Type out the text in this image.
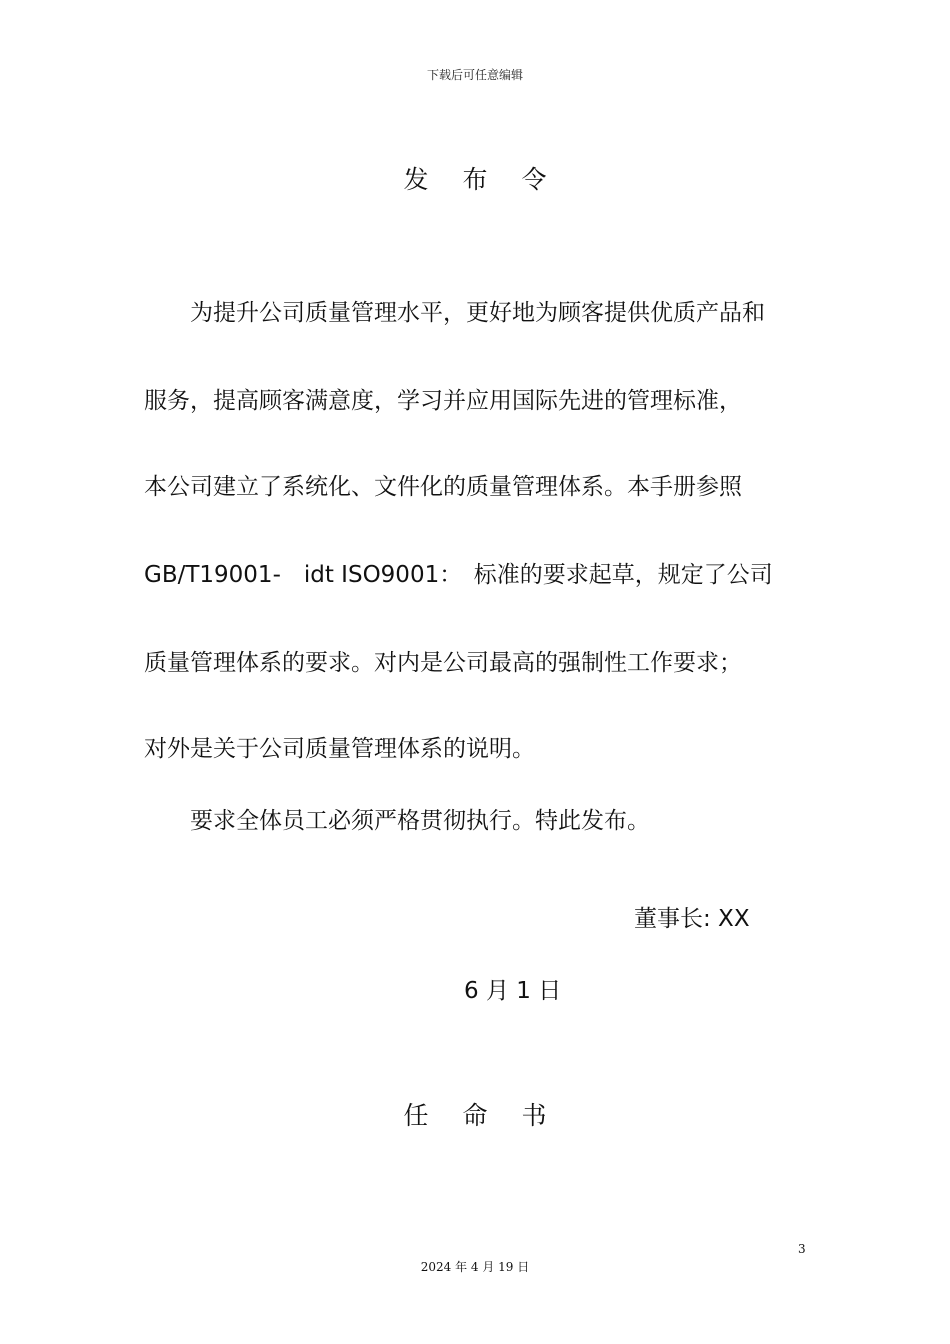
下载后可任意编辑
发布令
为提升公司质量管理水平，更好地为顾客提供优质产品和
服务，提高顾客满意度，学习并应用国际先进的管理标准，
本公司建立了系统化、文件化的质量管理体系。本手册参照
GB/T19001-　idt ISO9001：　标准的要求起草，规定了公司
质量管理体系的要求。对内是公司最高的强制性工作要求；
对外是关于公司质量管理体系的说明。
要求全体员工必须严格贯彻执行。特此发布。
董事长: XX
6 月 1 日
任命书
3
2024 年 4 月 19 日
